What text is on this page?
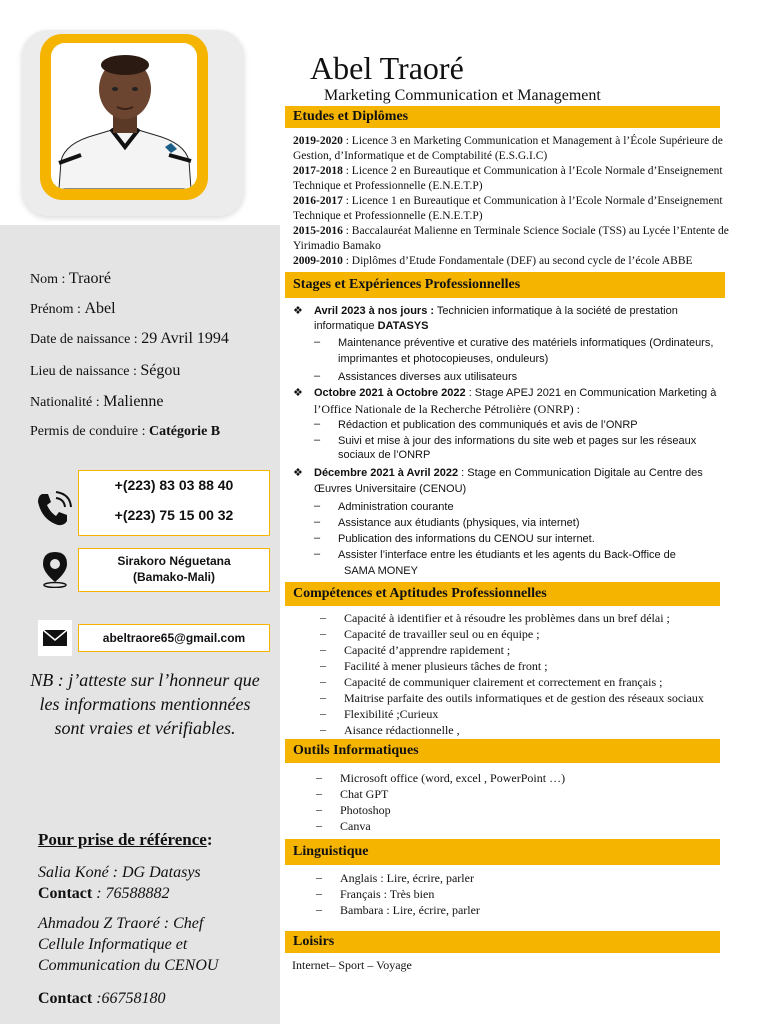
Nom : Traoré
Prénom : Abel
Date de naissance : 29 Avril 1994
Lieu de naissance : Ségou
Nationalité : Malienne
Permis de conduire : Catégorie B
+(223) 83 03 88 40
+(223) 75 15 00 32
Sirakoro Néguetana
(Bamako-Mali)
abeltraore65@gmail.com
NB : j’atteste sur l’honneur que les informations mentionnées sont vraies et vérifiables.
Pour prise de référence:
Salia Koné : DG Datasys
Contact : 76588882
Ahmadou Z Traoré : Chef
Cellule Informatique et
Communication du CENOU
Contact :66758180
Abel Traoré
Marketing Communication et Management
Etudes et Diplômes
2019-2020 : Licence 3 en Marketing Communication et Management à l’École Supérieure de Gestion, d’Informatique et de Comptabilité (E.S.G.I.C)
2017-2018 : Licence 2 en Bureautique et Communication à l’Ecole Normale d’Enseignement Technique et Professionnelle (E.N.E.T.P)
2016-2017 : Licence 1 en Bureautique et Communication à l’Ecole Normale d’Enseignement Technique et Professionnelle (E.N.E.T.P)
2015-2016 : Baccalauréat Malienne en Terminale Science Sociale (TSS) au Lycée l’Entente de Yirimadio Bamako
2009-2010 : Diplômes d’Etude Fondamentale (DEF) au second cycle de l’école ABBE
Stages et Expériences Professionnelles
❖ Avril 2023 à nos jours : Technicien informatique à la société de prestation
informatique DATASYS
– Maintenance préventive et curative des matériels informatiques (Ordinateurs,
imprimantes et photocopieuses, onduleurs)
– Assistances diverses aux utilisateurs
❖ Octobre 2021 à Octobre 2022 : Stage APEJ 2021 en Communication Marketing à
l’Office Nationale de la Recherche Pétrolière (ONRP) :
– Rédaction et publication des communiqués et avis de l’ONRP
– Suivi et mise à jour des informations du site web et pages sur les réseaux
sociaux de l’ONRP
❖ Décembre 2021 à Avril 2022 : Stage en Communication Digitale au Centre des
Œuvres Universitaire (CENOU)
– Administration courante
– Assistance aux étudiants (physiques, via internet)
– Publication des informations du CENOU sur internet.
– Assister l’interface entre les étudiants et les agents du Back-Office de
SAMA MONEY
Compétences et Aptitudes Professionnelles
– Capacité à identifier et à résoudre les problèmes dans un bref délai ;
– Capacité de travailler seul ou en équipe ;
– Capacité d’apprendre rapidement ;
– Facilité à mener plusieurs tâches de front ;
– Capacité de communiquer clairement et correctement en français ;
– Maitrise parfaite des outils informatiques et de gestion des réseaux sociaux
– Flexibilité ;Curieux
– Aisance rédactionnelle ,
Outils Informatiques
– Microsoft office (word, excel , PowerPoint …)
– Chat GPT
– Photoshop
– Canva
Linguistique
– Anglais : Lire, écrire, parler
– Français : Très bien
– Bambara : Lire, écrire, parler
Loisirs
Internet– Sport – Voyage
